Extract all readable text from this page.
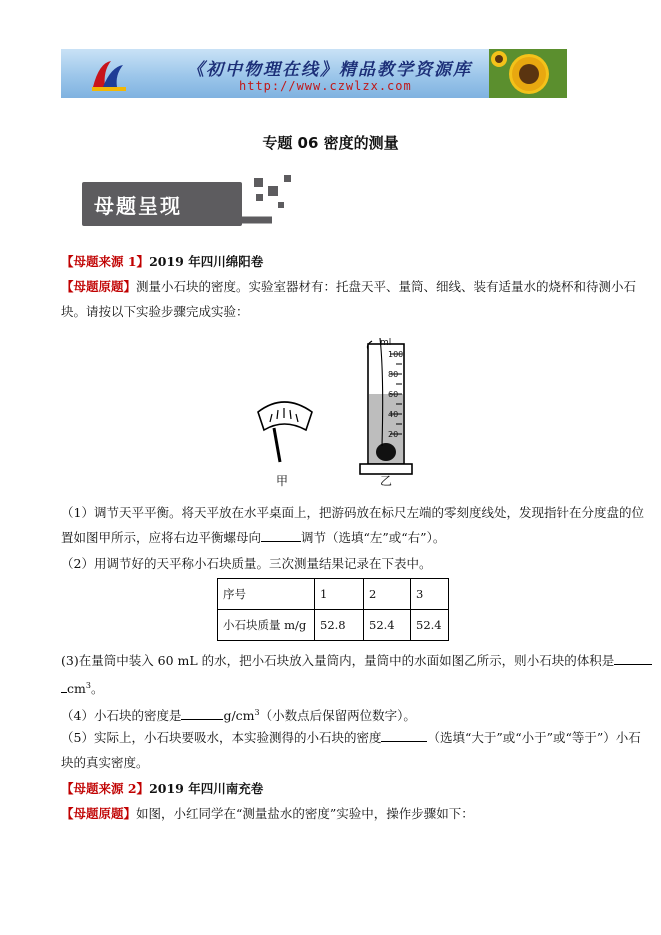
《初中物理在线》精品教学资源库
http://www.czwlzx.com
专题 06 密度的测量
母题呈现
【母题来源 1】2019 年四川绵阳卷
【母题原题】测量小石块的密度。实验室器材有：托盘天平、量筒、细线、装有适量水的烧杯和待测小石
块。请按以下实验步骤完成实验：
ml
100
80
60
40
20
甲	乙
（1）调节天平平衡。将天平放在水平桌面上，把游码放在标尺左端的零刻度线处，发现指针在分度盘的位
置如图甲所示，应将右边平衡螺母向	调节（选填“左”或“右”）。
（2）用调节好的天平称小石块质量。三次测量结果记录在下表中。
序号	1	2	3
小石块质量 m/g	52.8	52.4	52.4
(3)在量筒中装入 60 mL 的水，把小石块放入量筒内，量筒中的水面如图乙所示，则小石块的体积是
$cm^3$。
（4）小石块的密度是	$g/cm^3$（小数点后保留两位数字）。
（5）实际上，小石块要吸水，本实验测得的小石块的密度	（选填“大于”或“小于”或“等于”）小石
块的真实密度。
【母题来源 2】2019 年四川南充卷
【母题原题】如图，小红同学在“测量盐水的密度”实验中，操作步骤如下：
